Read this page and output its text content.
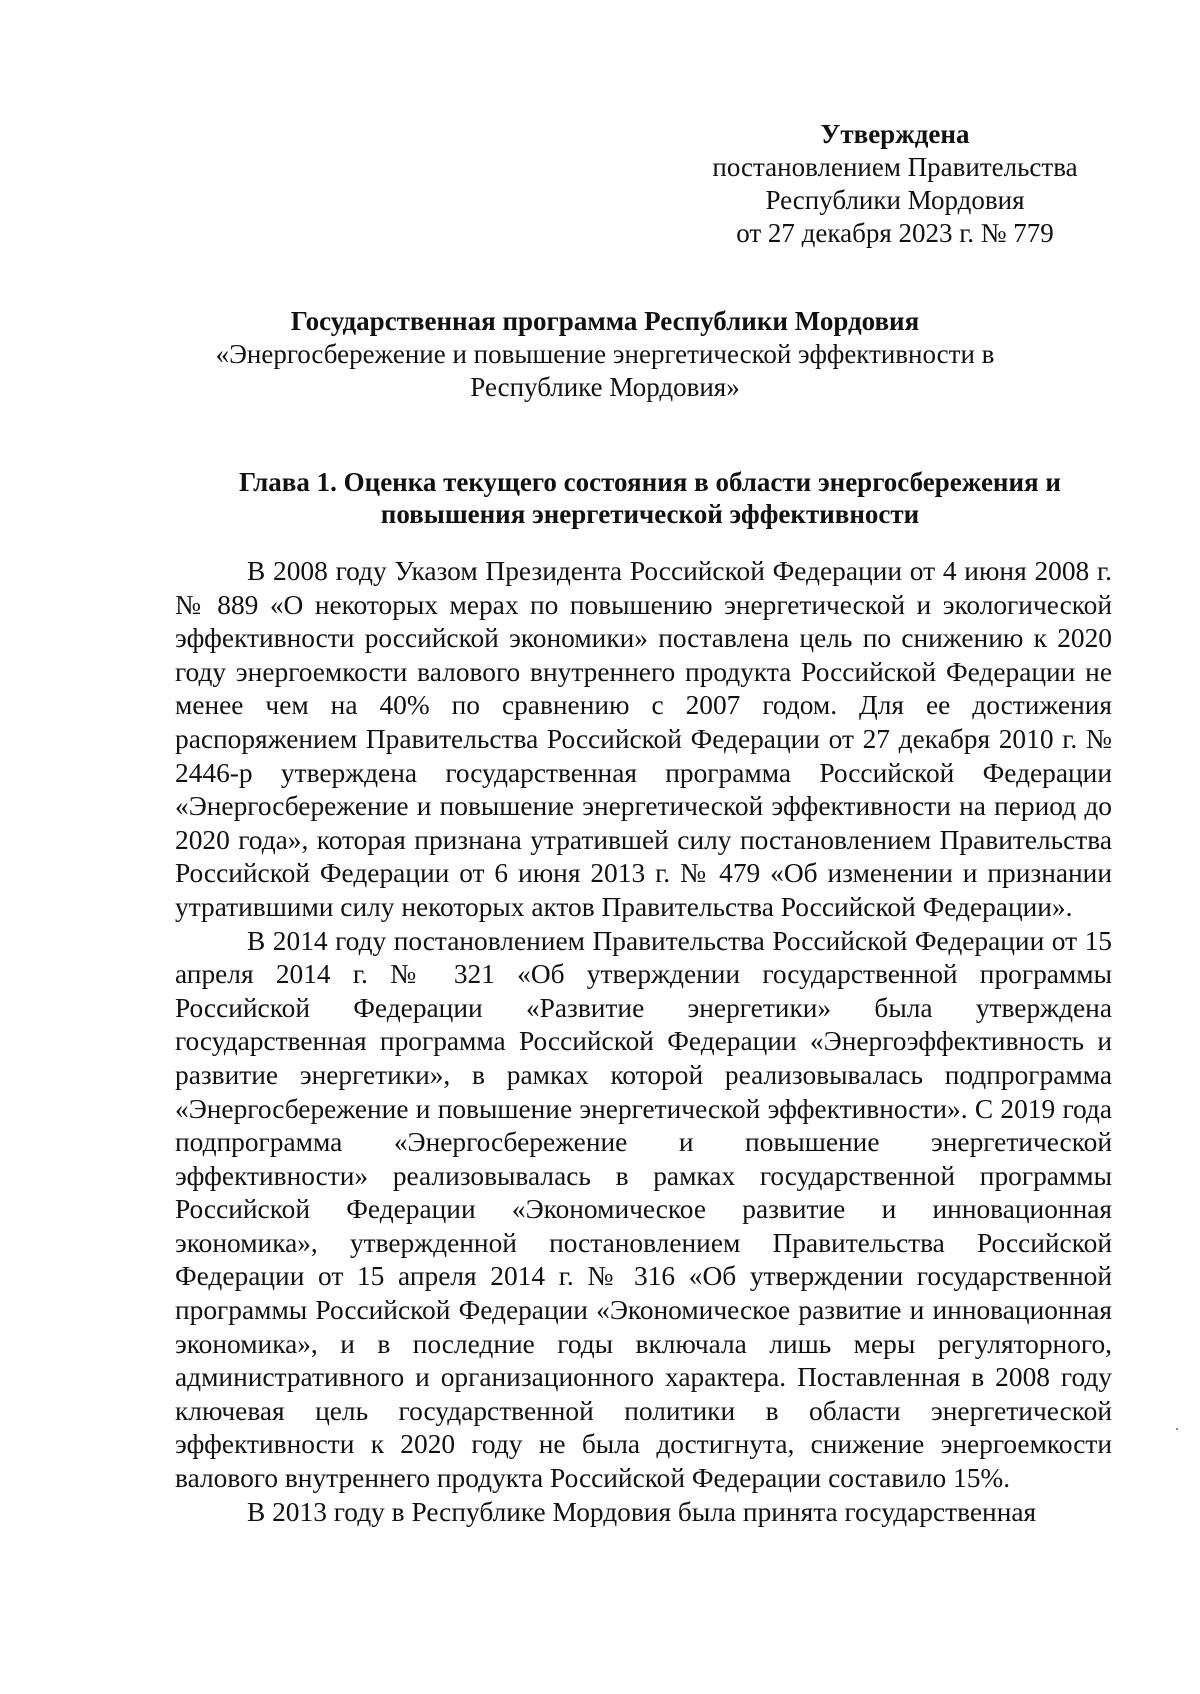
Утверждена
постановлением Правительства
Республики Мордовия
от 27 декабря 2023 г. № 779
Государственная программа Республики Мордовия
«Энергосбережение и повышение энергетической эффективности в
Республике Мордовия»
Глава 1. Оценка текущего состояния в области энергосбережения и
повышения энергетической эффективности

В 2008 году Указом Президента Российской Федерации от 4 июня 2008 г. № 889 «О некоторых мерах по повышению энергетической и экологической эффективности российской экономики» поставлена цель по снижению к 2020 году энергоемкости валового внутреннего продукта Российской Федерации не менее чем на 40% по сравнению с 2007 годом. Для ее достижения распоряжением Правительства Российской Федерации от 27 декабря 2010 г. № 2446-р утверждена государственная программа Российской Федерации «Энергосбережение и повышение энергетической эффективности на период до 2020 года», которая признана утратившей силу постановлением Правительства Российской Федерации от 6 июня 2013 г. № 479 «Об изменении и признании утратившими силу некоторых актов Правительства Российской Федерации».

В 2014 году постановлением Правительства Российской Федерации от 15 апреля 2014 г. № 321 «Об утверждении государственной программы Российской Федерации «Развитие энергетики» была утверждена государственная программа Российской Федерации «Энергоэффективность и развитие энергетики», в рамках которой реализовывалась подпрограмма «Энергосбережение и повышение энергетической эффективности». С 2019 года подпрограмма «Энергосбережение и повышение энергетической эффективности» реализовывалась в рамках государственной программы Российской Федерации «Экономическое развитие и инновационная экономика», утвержденной постановлением Правительства Российской Федерации от 15 апреля 2014 г. № 316 «Об утверждении государственной программы Российской Федерации «Экономическое развитие и инновационная экономика», и в последние годы включала лишь меры регуляторного, административного и организационного характера. Поставленная в 2008 году ключевая цель государственной политики в области энергетической эффективности к 2020 году не была достигнута, снижение энергоемкости валового внутреннего продукта Российской Федерации составило 15%.

В 2013 году в Республике Мордовия была принята государственная
